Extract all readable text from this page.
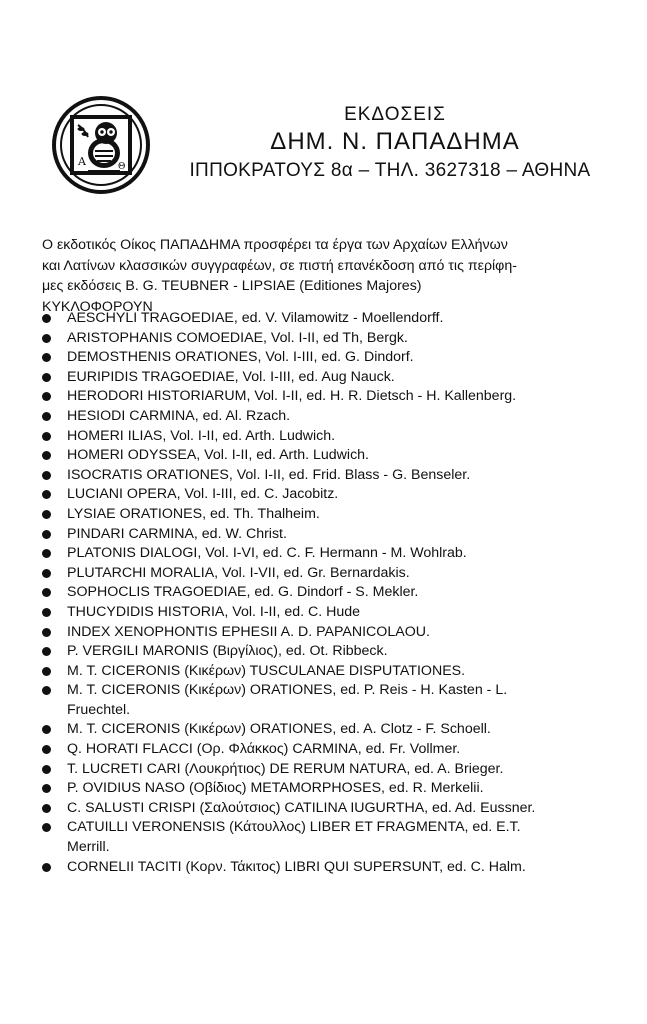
A	Θ
ΕΚΔΟΣΕΙΣ
ΔΗΜ. Ν. ΠΑΠΑΔΗΜΑ
ΙΠΠΟΚΡΑΤΟΥΣ 8α – ΤΗΛ. 3627318 – ΑΘΗΝΑ
Ο εκδοτικός Οίκος ΠΑΠΑΔΗΜΑ προσφέρει τα έργα των Αρχαίων Ελλήνων
και Λατίνων κλασσικών συγγραφέων, σε πιστή επανέκδοση από τις περίφη-
μες εκδόσεις B. G. TEUBNER - LIPSIAE (Editiones Majores)
ΚΥΚΛΟΦΟΡΟΥΝ
AESCHYLI TRAGOEDIAE, ed. V. Vilamowitz - Moellendorff.
ARISTOPHANIS COMOEDIAE, Vol. I-II, ed Th, Bergk.
DEMOSTHENIS ORATIONES, Vol. I-III, ed. G. Dindorf.
EURIPIDIS TRAGOEDIAE, Vol. I-III, ed. Aug Nauck.
HERODORI HISTORIARUM, Vol. I-II, ed. H. R. Dietsch - H. Kallenberg.
HESIODI CARMINA, ed. Al. Rzach.
HOMERI ILIAS, Vol. I-II, ed. Arth. Ludwich.
HOMERI ODYSSEA, Vol. I-II, ed. Arth. Ludwich.
ISOCRATIS ORATIONES, Vol. I-II, ed. Frid. Blass - G. Benseler.
LUCIANI OPERA, Vol. I-III, ed. C. Jacobitz.
LYSIAE ORATIONES, ed. Th. Thalheim.
PINDARI CARMINA, ed. W. Christ.
PLATONIS DIALOGI, Vol. I-VI, ed. C. F. Hermann - M. Wohlrab.
PLUTARCHI MORALIA, Vol. I-VII, ed. Gr. Bernardakis.
SOPHOCLIS TRAGOEDIAE, ed. G. Dindorf - S. Mekler.
THUCYDIDIS HISTORIA, Vol. I-II, ed. C. Hude
INDEX XENOPHONTIS EPHESII A. D. PAPANICOLAOU.
P. VERGILI MARONIS (Βιργίλιος), ed. Ot. Ribbeck.
M. T. CICERONIS (Κικέρων) TUSCULANAE DISPUTATIONES.
M. T. CICERONIS (Κικέρων) ORATIONES, ed. P. Reis - H. Kasten - L.
Fruechtel.
M. T. CICERONIS (Κικέρων) ORATIONES, ed. A. Clotz - F. Schoell.
Q. HORATI FLACCI (Ορ. Φλάκκος) CARMINA, ed. Fr. Vollmer.
T. LUCRETI CARI (Λουκρήτιος) DE RERUM NATURA, ed. A. Brieger.
P. OVIDIUS NASO (Οβίδιος) METAMORPHOSES, ed. R. Merkelii.
C. SALUSTI CRISPI (Σαλούτσιος) CATILINA IUGURTHA, ed. Ad. Eussner.
CATUILLI VERONENSIS (Κάτουλλος) LIBER ET FRAGMENTA, ed. E.T.
Merrill.
CORNELII TACITI (Κορν. Τάκιτος) LIBRI QUI SUPERSUNT, ed. C. Halm.
